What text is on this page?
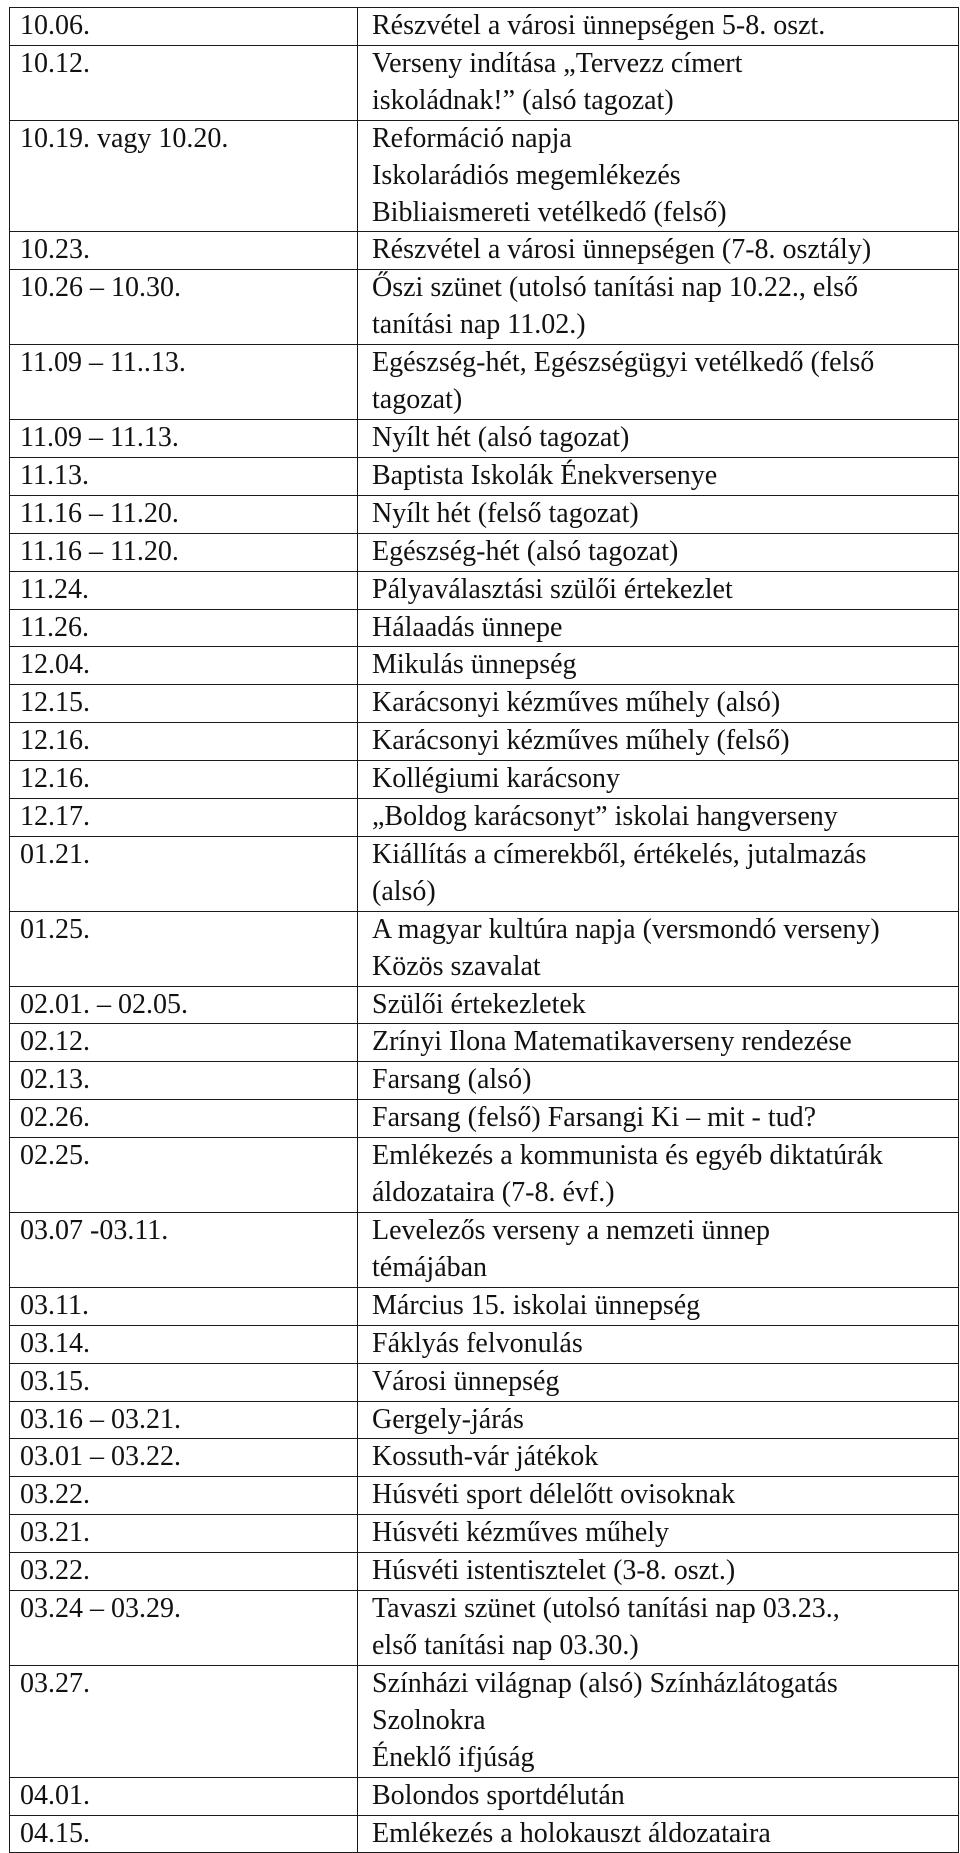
10.06.	Részvétel a városi ünnepségen 5-8. oszt.
10.12.	Verseny indítása „Tervezz címert
iskoládnak!” (alsó tagozat)
10.19. vagy 10.20.	Reformáció napja
Iskolarádiós megemlékezés
Bibliaismereti vetélkedő (felső)
10.23.	Részvétel a városi ünnepségen (7-8. osztály)
10.26 – 10.30.	Őszi szünet (utolsó tanítási nap 10.22., első
tanítási nap 11.02.)
11.09 – 11..13.	Egészség-hét, Egészségügyi vetélkedő (felső
tagozat)
11.09 – 11.13.	Nyílt hét (alsó tagozat)
11.13.	Baptista Iskolák Énekversenye
11.16 – 11.20.	Nyílt hét (felső tagozat)
11.16 – 11.20.	Egészség-hét (alsó tagozat)
11.24.	Pályaválasztási szülői értekezlet
11.26.	Hálaadás ünnepe
12.04.	Mikulás ünnepség
12.15.	Karácsonyi kézműves műhely (alsó)
12.16.	Karácsonyi kézműves műhely (felső)
12.16.	Kollégiumi karácsony
12.17.	„Boldog karácsonyt” iskolai hangverseny
01.21.	Kiállítás a címerekből, értékelés, jutalmazás
(alsó)
01.25.	A magyar kultúra napja (versmondó verseny)
Közös szavalat
02.01. – 02.05.	Szülői értekezletek
02.12.	Zrínyi Ilona Matematikaverseny rendezése
02.13.	Farsang (alsó)
02.26.	Farsang (felső) Farsangi Ki – mit - tud?
02.25.	Emlékezés a kommunista és egyéb diktatúrák
áldozataira (7-8. évf.)
03.07 -03.11.	Levelezős verseny a nemzeti ünnep
témájában
03.11.	Március 15. iskolai ünnepség
03.14.	Fáklyás felvonulás
03.15.	Városi ünnepség
03.16 – 03.21.	Gergely-járás
03.01 – 03.22.	Kossuth-vár játékok
03.22.	Húsvéti sport délelőtt ovisoknak
03.21.	Húsvéti kézműves műhely
03.22.	Húsvéti istentisztelet (3-8. oszt.)
03.24 – 03.29.	Tavaszi szünet (utolsó tanítási nap 03.23.,
első tanítási nap 03.30.)
03.27.	Színházi világnap (alsó) Színházlátogatás
Szolnokra
Éneklő ifjúság
04.01.	Bolondos sportdélután
04.15.	Emlékezés a holokauszt áldozataira
